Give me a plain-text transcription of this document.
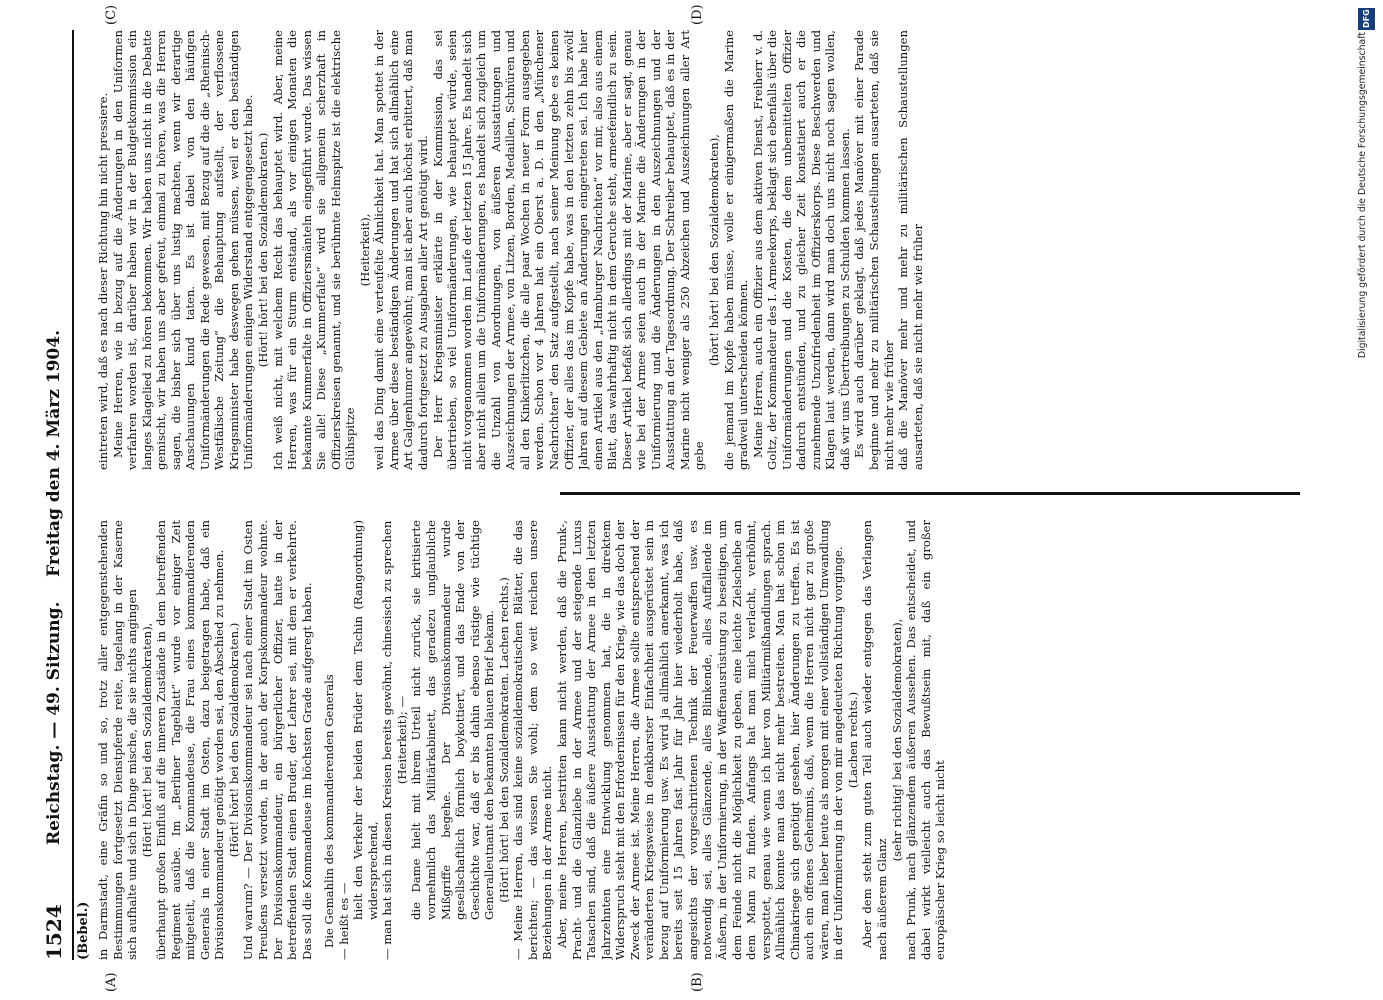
1524
Reichstag. — 49. Sitzung.
Freitag den 4. März 1904.
(Bebel.)
(A)	(B)
(C)	(D)

in Darmstadt, eine Gräfin so und so, trotz aller entgegenstehenden Bestimmungen fortgesetzt Dienstpferde reite, tagelang in der Kaserne sich aufhalte und sich in Dinge mische, die sie nichts angingen (Hört! hört! bei den Sozialdemokraten), überhaupt großen Einfluß auf die inneren Zustände in dem betreffenden Regiment ausübe. Im „Berliner Tageblatt“ wurde vor einiger Zeit mitgeteilt, daß die Kommandeuse, die Frau eines kommandierenden Generals in einer Stadt im Osten, dazu beigetragen habe, daß ein Divisionskommandeur genötigt worden sei, den Abschied zu nehmen. (Hört! hört! bei den Sozialdemokraten.) Und warum? — Der Divisionskommandeur sei nach einer Stadt im Osten Preußens versetzt worden, in der auch der Korpskommandeur wohnte. Der Divisionskommandeur, ein bürgerlicher Offizier, hatte in der betreffenden Stadt einen Bruder, der Lehrer sei, mit dem er verkehrte. Das soll die Kommandeuse im höchsten Grade aufgeregt haben. Die Gemahlin des kommandierenden Generals — heißt es —

hielt den Verkehr der beiden Brüder dem Tschin (Rangordnung) widersprechend, — man hat sich in diesen Kreisen bereits gewöhnt, chinesisch zu sprechen (Heiterkeit); — die Dame hielt mit ihrem Urteil nicht zurück, sie kritisierte vornehmlich das Militärkabinett, das geradezu unglaubliche Mißgriffe begehe. Der Divisionskommandeur wurde gesellschaftlich förmlich boykottiert, und das Ende von der Geschichte war, daß er bis dahin ebenso rüstige wie tüchtige Generalleutnant den bekannten blauen Brief bekam. (Hört! hört! bei den Sozialdemokraten. Lachen rechts.) — Meine Herren, das sind keine sozialdemokratischen Blätter, die das berichten; — das wissen Sie wohl; dem so weit reichen unsere Beziehungen in der Armee nicht. Aber, meine Herren, bestritten kann nicht werden, daß die Prunk-, Pracht- und die Glanzliebe in der Armee und der steigende Luxus Tatsachen sind, daß die äußere Ausstattung der Armee in den letzten Jahrzehnten eine Entwicklung genommen hat, die in direktem Widerspruch steht mit den Erfordernissen für den Krieg, wie das doch der Zweck der Armee ist. Meine Herren, die Armee sollte entsprechend der veränderten Kriegsweise in denkbarster Einfachheit ausgerüstet sein in bezug auf Uniformierung usw. Es wird ja allmählich anerkannt, was ich bereits seit 15 Jahren fast Jahr für Jahr hier wiederholt habe, daß angesichts der vorgeschrittenen Technik der Feuerwaffen usw. es notwendig sei, alles Glänzende, alles Blinkende, alles Auffallende im Äußern, in der Uniformierung, in der Waffenausrüstung zu beseitigen, um dem Feinde nicht die Möglichkeit zu geben, eine leichte Zielscheibe an dem Mann zu finden. Anfangs hat man mich verlacht, verhöhnt, verspottet, genau wie wenn ich hier von Militärmißhandlungen sprach. Allmählich konnte man das nicht mehr bestreiten. Man hat schon im Chinakriege sich genötigt gesehen, hier Änderungen zu treffen. Es ist auch ein offenes Geheimnis, daß, wenn die Herren nicht gar zu große wären, man lieber heute als morgen mit einer vollständigen Umwandlung in der Uniformierung in der von mir angedeuteten Richtung vorginge. (Lachen rechts.) Aber dem steht zum guten Teil auch wieder entgegen das Verlangen nach äußerem Glanz

(sehr richtig! bei den Sozialdemokraten), nach Prunk, nach glänzendem äußeren Aussehen. Das entscheidet, und dabei wirkt vielleicht auch das Bewußtsein mit, daß ein großer europäischer Krieg so leicht nicht

eintreten wird, daß es nach dieser Richtung hin nicht pressiere. Meine Herren, wie in bezug auf die Änderungen in den Uniformen verfahren worden ist, darüber haben wir in der Budgetkommission ein langes Klagelied zu hören bekommen. Wir haben uns nicht in die Debatte gemischt, wir haben uns aber gefreut, einmal zu hören, was die Herren sagen, die bisher sich über uns lustig machten, wenn wir derartige Anschauungen kund taten. Es ist dabei von den häufigen Uniformänderungen die Rede gewesen, mit Bezug auf die die „Rheinisch-Westfälische Zeitung“ die Behauptung aufstellt, der verflossene Kriegsminister habe deswegen gehen müssen, weil er den beständigen Uniformänderungen einigen Widerstand entgegengesetzt habe. (Hört! hört! bei den Sozialdemokraten.) Ich weiß nicht, mit welchem Recht das behauptet wird. Aber, meine Herren, was für ein Sturm entstand, als vor einigen Monaten die bekannte Kummerfalte in Offiziersmänteln eingeführt wurde. Das wissen Sie alle! Diese „Kummerfalte“ wird sie allgemein scherzhaft in Offizierskreisen genannt, und sie berühmte Helmspitze ist die elektrische Glühspitze

(Heiterkeit), weil das Ding damit eine verteufelte Ähnlichkeit hat. Man spottet in der Armee über diese beständigen Änderungen und hat sich allmählich eine Art Galgenhumor angewöhnt; man ist aber auch höchst erbittert, daß man dadurch fortgesetzt zu Ausgaben aller Art genötigt wird. Der Herr Kriegsminister erklärte in der Kommission, das sei übertrieben, so viel Uniformänderungen, wie behauptet würde, seien nicht vorgenommen worden im Laufe der letzten 15 Jahre. Es handelt sich aber nicht allein um die Uniformänderungen, es handelt sich zugleich um die Unzahl von Anordnungen, von äußeren Ausstattungen und Auszeichnungen der Armee, von Litzen, Borden, Medaillen, Schnüren und all den Kinkerlitzchen, die alle paar Wochen in neuer Form ausgegeben werden. Schon vor 4 Jahren hat ein Oberst a. D. in den „Münchener Nachrichten“ den Satz aufgestellt, nach seiner Meinung gebe es keinen Offizier, der alles das im Kopfe habe, was in den letzten zehn bis zwölf Jahren auf diesem Gebiete an Änderungen eingetreten sei. Ich habe hier einen Artikel aus den „Hamburger Nachrichten“ vor mir, also aus einem Blatt, das wahrhaftig nicht in dem Geruche steht, armeefeindlich zu sein. Dieser Artikel befaßt sich allerdings mit der Marine, aber er sagt, genau wie bei der Armee seien auch in der Marine die Änderungen in der Uniformierung und die Änderungen in den Auszeichnungen und der Ausstattung an der Tagesordnung. Der Schreiber behauptet, daß es in der Marine nicht weniger als 250 Abzeichen und Auszeichnungen aller Art gebe

(hört! hört! bei den Sozialdemokraten), die jemand im Kopfe haben müsse, wolle er einigermaßen die Marine gradweil unterscheiden können. Meine Herren, auch ein Offizier aus dem aktiven Dienst, Freiherr v. d. Goltz, der Kommandeur des I. Armeekorps, beklagt sich ebenfalls über die Uniformänderungen und die Kosten, die dem unbemittelten Offizier dadurch entstünden, und zu gleicher Zeit konstatiert auch er die zunehmende Unzufriedenheit im Offizierskorps. Diese Beschwerden und Klagen laut werden, dann wird man doch uns nicht noch sagen wollen, daß wir uns Übertreibungen zu Schulden kommen lassen. Es wird auch darüber geklagt, daß jedes Manöver mit einer Parade beginne und mehr zu militärischen Schaustellungen ausarteten, daß sie nicht mehr wie früher daß die Manöver mehr und mehr zu militärischen Schaustellungen ausarteten, daß sie nicht mehr wie früher

DFG
Digitalisierung gefördert durch die Deutsche Forschungsgemeinschaft
